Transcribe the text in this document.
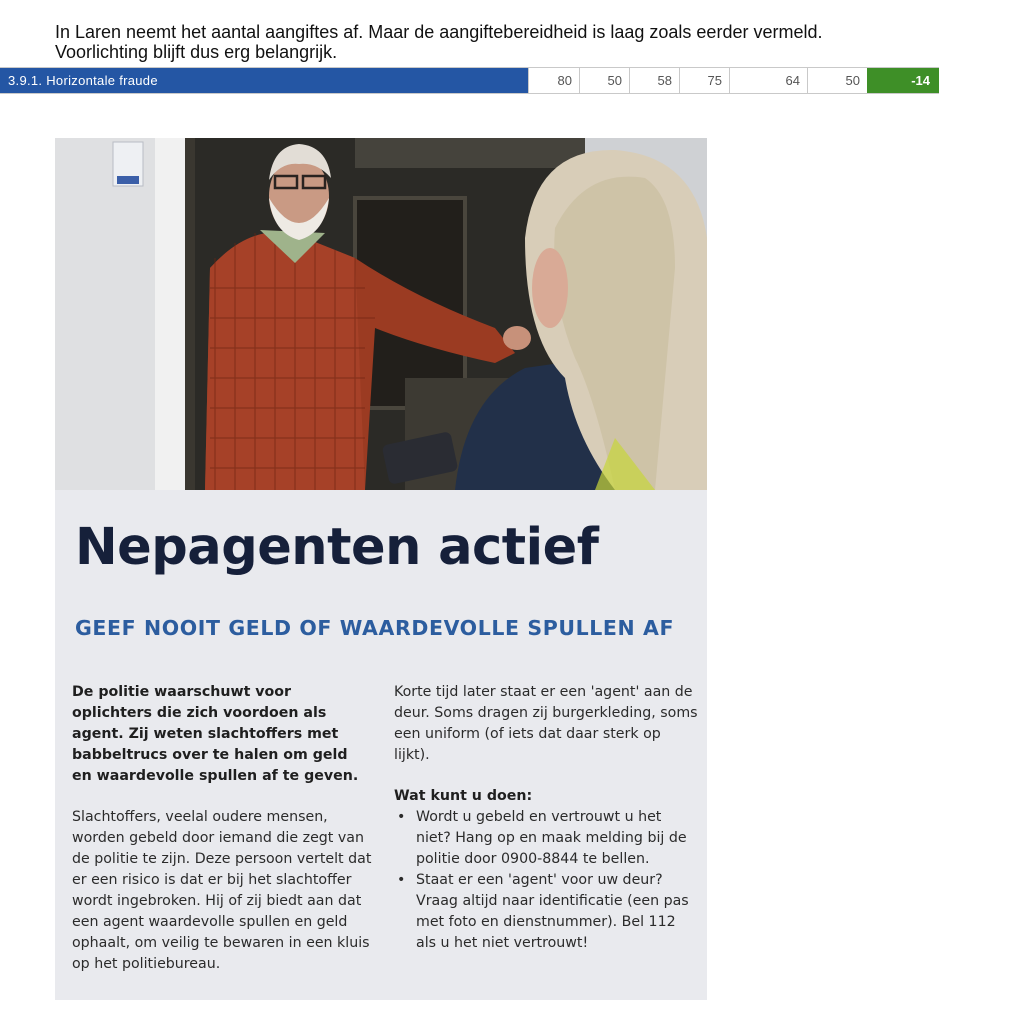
In Laren neemt het aantal aangiftes af. Maar de aangiftebereidheid is laag zoals eerder vermeld.

Voorlichting blijft dus erg belangrijk.

3.9.1. Horizontale fraude	80	50	58	75	64	50	-14
Nepagenten actief
GEEF NOOIT GELD OF WAARDEVOLLE SPULLEN AF

De politie waarschuwt voor oplichters die zich voordoen als agent. Zij weten slachtoffers met babbeltrucs over te halen om geld en waardevolle spullen af te geven.

Slachtoffers, veelal oudere mensen, worden gebeld door iemand die zegt van de politie te zijn. Deze persoon vertelt dat er een risico is dat er bij het slachtoffer wordt ingebroken. Hij of zij biedt aan dat een agent waardevolle spullen en geld ophaalt, om veilig te bewaren in een kluis op het politiebureau.

Korte tijd later staat er een 'agent' aan de deur. Soms dragen zij burgerkleding, soms een uniform (of iets dat daar sterk op lijkt).

Wat kunt u doen:

• Wordt u gebeld en vertrouwt u het niet? Hang op en maak melding bij de politie door 0900-8844 te bellen.
• Staat er een 'agent' voor uw deur? Vraag altijd naar identificatie (een pas met foto en dienstnummer). Bel 112 als u het niet vertrouwt!
